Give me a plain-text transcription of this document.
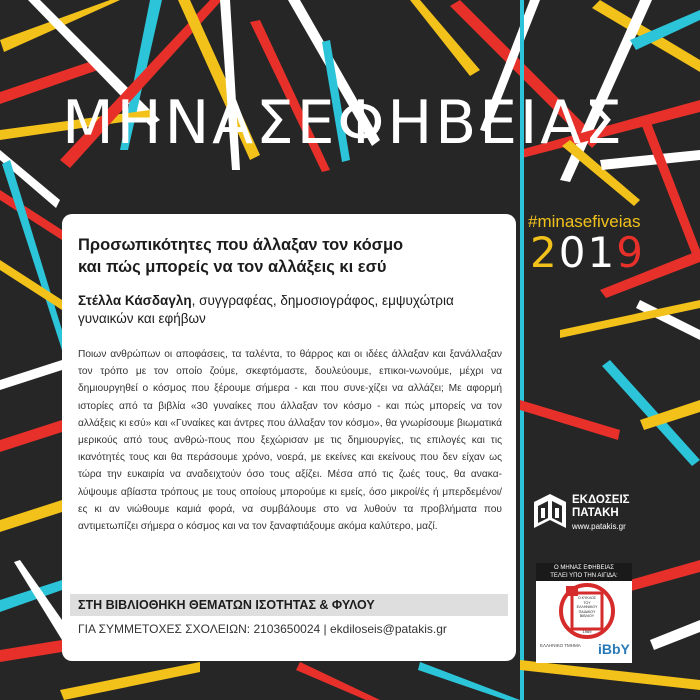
Μ Η Ν Α Σ Ε Φ Η Β Ε Ι Α Σ
#minasefiveias
2019
Προσωπικότητες που άλλαξαν τον κόσμο
και πώς μπορείς να τον αλλάξεις κι εσύ
Στέλλα Κάσδαγλη, συγγραφέας, δημοσιογράφος, εμψυχώτρια γυναικών και εφήβων
Ποιων ανθρώπων οι αποφάσεις, τα ταλέντα, το θάρρος και οι ιδέες άλλαξαν και ξανάλλαξαν τον τρόπο με τον οποίο ζούμε, σκεφτόμαστε, δουλεύουμε, επικοι-νωνούμε, μέχρι να δημιουργηθεί ο κόσμος που ξέρουμε σήμερα - και που συνε-χίζει να αλλάζει; Με αφορμή ιστορίες από τα βιβλία «30 γυναίκες που άλλαξαν τον κόσμο - και πώς μπορείς να τον αλλάξεις κι εσύ» και «Γυναίκες και άντρες που άλλαξαν τον κόσμο», θα γνωρίσουμε βιωματικά μερικούς από τους ανθρώ-πους που ξεχώρισαν με τις δημιουργίες, τις επιλογές και τις ικανότητές τους και θα περάσουμε χρόνο, νοερά, με εκείνες και εκείνους που δεν είχαν ως τώρα την ευκαιρία να αναδειχτούν όσο τους αξίζει. Μέσα από τις ζωές τους, θα ανακα-λύψουμε αβίαστα τρόπους με τους οποίους μπορούμε κι εμείς, όσο μικροί/ές ή μπερδεμένοι/ες κι αν νιώθουμε καμιά φορά, να συμβάλουμε στο να λυθούν τα προβλήματα που αντιμετωπίζει σήμερα ο κόσμος και να τον ξαναφτιάξουμε ακόμα καλύτερο, μαζί.
ΣΤΗ ΒΙΒΛΙΟΘΗΚΗ ΘΕΜΑΤΩΝ ΙΣΟΤΗΤΑΣ & ΦΥΛΟΥ
ΓΙΑ ΣΥΜΜΕΤΟΧΕΣ ΣΧΟΛΕΙΩΝ: 2103650024 | ekdiloseis@patakis.gr
ΕΚΔΟΣΕΙΣ
ΠΑΤΑΚΗ
www.patakis.gr
Ο ΜΗΝΑΣ ΕΦΗΒΕΙΑΣ
ΤΕΛΕΙ ΥΠΟ ΤΗΝ ΑΙΓΙΔΑ:
1969
Ο ΚΥΚΛΟΣ ΤΟΥ ΕΛΛΗΝΙΚΟΥ ΠΑΙΔΙΚΟΥ ΒΙΒΛΙΟΥ
ΕΛΛΗΝΙΚΟ ΤΜΗΜΑ iBbY
